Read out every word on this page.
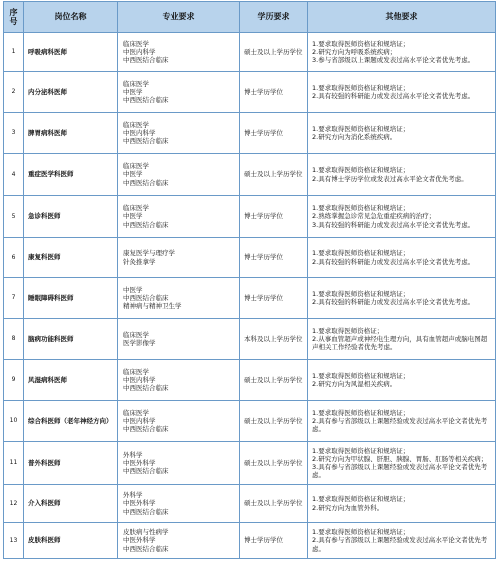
序
号	岗位名称	专业要求	学历要求	其他要求
1	呼吸病科医师	临床医学
中医内科学
中西医结合临床	硕士及以上学历学位	1.要求取得医师资格证和规培证；
2.研究方向为呼吸系统疾病；
3.参与省部级以上课题或发表过高水平论文者优先考虑。

2	内分泌科医师	临床医学
中医学
中西医结合临床	博士学历学位	1.要求取得医师资格证和规培证；
2.具有较强的科研能力或发表过高水平论文者优先考虑。

3	脾胃病科医师	临床医学
中医内科学
中西医结合临床	博士学历学位	1.要求取得医师资格证和规培证；
2.研究方向为消化系统疾病。

4	重症医学科医师	临床医学
中医学
中西医结合临床	硕士及以上学历学位	1.要求取得医师资格证和规培证；
2.具有博士学历学位或发表过高水平论文者优先考虑。

5	急诊科医师	临床医学
中医学
中西医结合临床	博士学历学位	1.要求取得医师资格证和规培证；
2.熟练掌握急诊常见急危重症疾病的治疗；
3.具有较强的科研能力或发表过高水平论文者优先考虑。

6	康复科医师	康复医学与理疗学
针灸推拿学	博士学历学位	1.要求取得医师资格证和规培证；
2.具有较强的科研能力或发表过高水平论文者优先考虑。

7	睡眠障碍科医师	中医学
中西医结合临床
精神病与精神卫生学	博士学历学位	1.要求取得医师资格证和规培证；
2.具有较强的科研能力或发表过高水平论文者优先考虑。

8	脑病功能科医师	临床医学
医学影像学	本科及以上学历学位	1.要求取得医师资格证；
2.从事血管超声或神经电生理方向，具有血管超声或脑电图超声相关工作经验者优先考虑。

9	风湿病科医师	临床医学
中医内科学
中西医结合临床	硕士及以上学历学位	1.要求取得医师资格证和规培证；
2.研究方向为风湿相关疾病。

10	综合科医师（老年神经方向）	临床医学
中医内科学
中西医结合临床	硕士及以上学历学位	1.要求取得医师资格证和规培证；
2.具有参与省部级以上课题经验或发表过高水平论文者优先考虑。

11	普外科医师	外科学
中医外科学
中西医结合临床	硕士及以上学历学位	1.要求取得医师资格证和规培证；
2.研究方向为甲状腺、肝胆、胰腺、胃肠、肛肠等相关疾病；
3.具有参与省部级以上课题经验或发表过高水平论文者优先考虑。

12	介入科医师	外科学
中医外科学
中西医结合临床	硕士及以上学历学位	1.要求取得医师资格证和规培证；
2.研究方向为血管外科。

13	皮肤科医师	皮肤病与性病学
中医外科学
中西医结合临床	博士学历学位	1.要求取得医师资格证和规培证；
2.具有参与省部级以上课题经验或发表过高水平论文者优先考虑。
